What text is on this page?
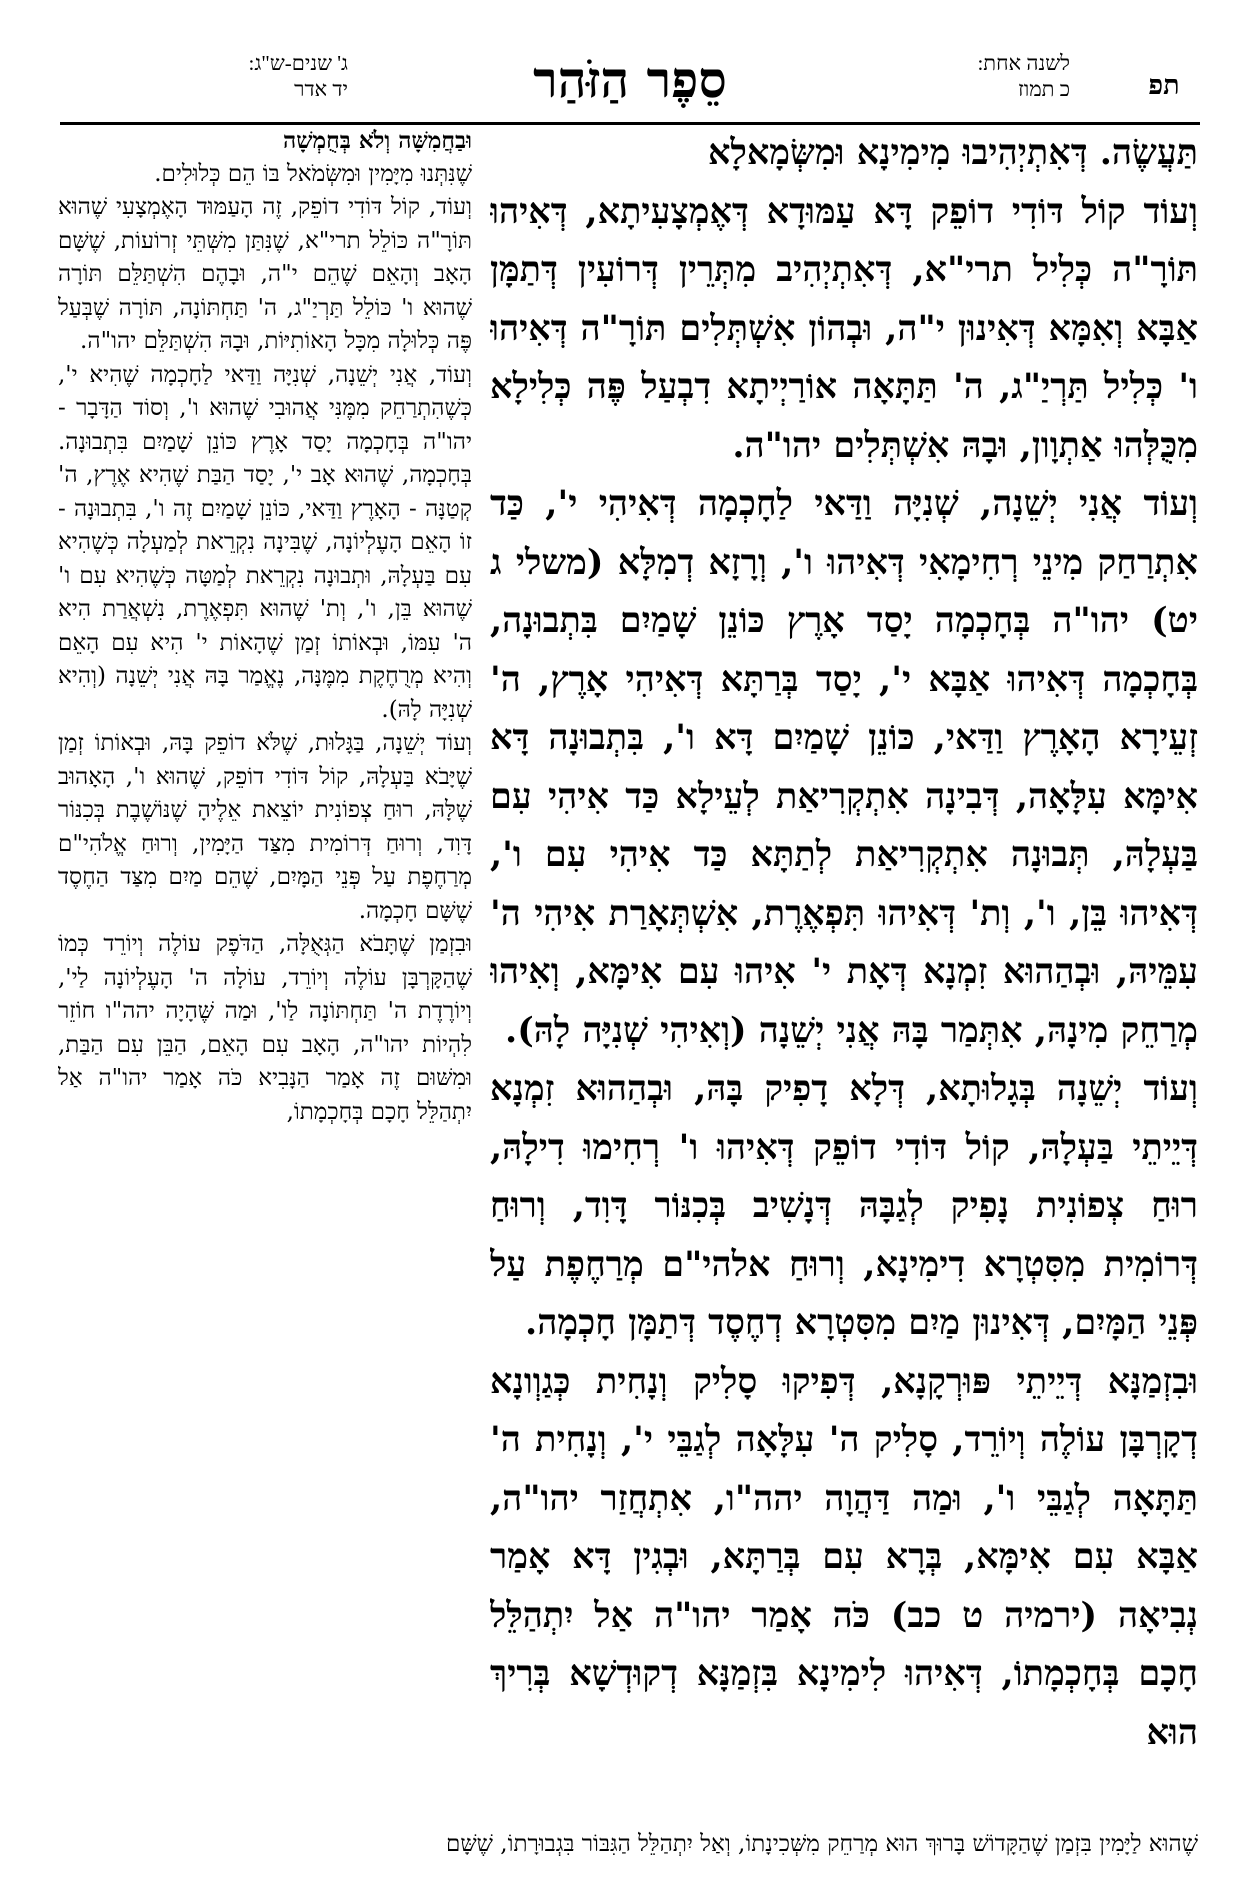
תפ
לשנה אחת:
כ תמוז
סֵפֶר הַזֹּהַר
ג' שנים-ש"ג:
יד אדר

תַּעֲשֶׂה. דְּאִתְיְהִיבוּ מִימִינָא וּמִשְּׂמָאלָא

וְעוֹד קוֹל דּוֹדִי דוֹפֵק דָּא עַמּוּדָא דְּאֶמְצָעִיתָא, דְּאִיהוּ תּוֹרָ"ה כְּלִיל תרי"א, דְּאִתְיְהִיב מִתְּרֵין דְּרוֹעִין דְּתַמָּן אַבָּא וְאִמָּא דְּאִינוּן י"ה, וּבְהוֹן אִשְׁתְּלִים תּוֹרָ"ה דְּאִיהוּ ו' כְּלִיל תַּרְיַ"ג, ה' תַּתָּאָה אוֹרַיְיתָא דִבְעַל פֶּה כְּלִילָא מִכֻּלְּהוּ אַתְוָון, וּבָהּ אִשְׁתְּלִים יהו"ה.

וְעוֹד אֲנִי יְשֵׁנָה, שְׁנִיָּה וַדַּאי לַחָכְמָה דְּאִיהִי י', כַּד אִתְרַחַק מִינֵי רְחִימָאִי דְּאִיהוּ ו', וְרָזָא דְמִלָּא (משלי ג יט) יהו"ה בְּחָכְמָה יָסַד אָרֶץ כּוֹנֵן שָׁמַיִם בִּתְבוּנָה, בְּחָכְמָה דְּאִיהוּ אַבָּא י', יָסַד בְּרַתָּא דְּאִיהִי אָרֶץ, ה' זְעֵירָא הָאָרֶץ וַדַּאי, כּוֹנֵן שָׁמַיִם דָּא ו', בִּתְבוּנָה דָּא אִימָּא עִלָּאָה, דְּבִינָה אִתְקְרִיאַת לְעֵילָא כַּד אִיהִי עִם בַּעְלָהּ, תְּבוּנָה אִתְקְרִיאַת לְתַתָּא כַּד אִיהִי עִם ו', דְּאִיהוּ בֵּן, ו', וְת' דְּאִיהוּ תִּפְאֶרֶת, אִשְׁתְּאָרַת אִיהִי ה' עִמֵּיהּ, וּבְהַהוּא זִמְנָא דְּאָת י' אִיהוּ עִם אִימָּא, וְאִיהוּ מְרַחֵק מִינָהּ, אִתְּמַר בָּהּ אֲנִי יְשֵׁנָה (וְאִיהִי שְׁנִיָּה לָהּ).

וְעוֹד יְשֵׁנָה בְּגָלוּתָא, דְּלָא דָפִיק בָּהּ, וּבְהַהוּא זִמְנָא דְּיֵיתֵי בַּעְלָהּ, קוֹל דּוֹדִי דוֹפֵק דְּאִיהוּ ו' רְחִימוּ דִילָהּ, רוּחַ צְפוֹנִית נָפִיק לְגַבָּהּ דְּנָשִׁיב בְּכִנּוֹר דָּוִד, וְרוּחַ דְּרוֹמִית מִסִּטְרָא דִימִינָא, וְרוּחַ אלהי"ם מְרַחֶפֶת עַל פְּנֵי הַמָּיִם, דְּאִינוּן מַיִם מִסִּטְרָא דְחֶסֶד דְּתַמָּן חָכְמָה.

וּבִזְמַנָּא דְּיֵיתֵי פּוּרְקָנָא, דְּפִיקוּ סָלִיק וְנָחִית כְּגַוְונָא דְקָרְבָּן עוֹלֶה וְיוֹרֵד, סָלִיק ה' עִלָּאָה לְגַבֵּי י', וְנָחִית ה' תַּתָּאָה לְגַבֵּי ו', וּמַה דַּהֲוָה יהה"ו, אִתְחֲזַר יהו"ה, אַבָּא עִם אִימָּא, בְּרָא עִם בְּרַתָּא, וּבְגִין דָּא אָמַר נְבִיאָה (ירמיה ט כב) כֹּה אָמַר יהו"ה אַל יִתְהַלֵּל חָכָם בְּחָכְמָתוֹ, דְּאִיהוּ לִימִינָא בִּזְמַנָּא דְקוּדְשָׁא בְּרִיךְ הוּא

וּבַחֲמִשָּׁה וְלֹא בְּחֻמְשָׁה

שֶׁנִּתְּנוּ מִיָּמִין וּמִשְּׂמֹאל בּוֹ הֵם כְּלוּלִים.

וְעוֹד, קוֹל דּוֹדִי דוֹפֵק, זֶה הָעַמּוּד הָאֶמְצָעִי שֶׁהוּא תּוֹרָ"ה כּוֹלֵל תרי"א, שֶׁנִּתַּן מִשְּׁתֵּי זְרוֹעוֹת, שֶׁשָּׁם הָאָב וְהָאֵם שֶׁהֵם י"ה, וּבָהֶם הִשְׁתַּלֵּם תּוֹרָה שֶׁהוּא ו' כּוֹלֵל תַּרְיַ"ג, ה' תַּחְתּוֹנָה, תּוֹרָה שֶׁבְּעַל פֶּה כְּלוּלָה מִכָּל הָאוֹתִיּוֹת, וּבָהּ הִשְׁתַּלֵּם יהו"ה.

וְעוֹד, אֲנִי יְשֵׁנָה, שְׁנִיָּה וַדַּאי לַחָכְמָה שֶׁהִיא י', כְּשֶׁהִתְרַחֵק מִמֶּנִּי אֲהוּבִי שֶׁהוּא ו', וְסוֹד הַדָּבָר - יהו"ה בְּחָכְמָה יָסַד אָרֶץ כּוֹנֵן שָׁמַיִם בִּתְבוּנָה. בְּחָכְמָה, שֶׁהוּא אָב י', יָסַד הַבַּת שֶׁהִיא אֶרֶץ, ה' קְטַנָּה - הָאָרֶץ וַדַּאי, כּוֹנֵן שָׁמַיִם זֶה ו', בִּתְבוּנָה - זוֹ הָאֵם הָעֶלְיוֹנָה, שֶׁבִּינָה נִקְרֵאת לְמַעְלָה כְּשֶׁהִיא עִם בַּעְלָהּ, וּתְבוּנָה נִקְרֵאת לְמַטָּה כְּשֶׁהִיא עִם ו' שֶׁהוּא בֵּן, ו', וְת' שֶׁהוּא תִּפְאֶרֶת, נִשְׁאֲרַת הִיא ה' עִמּוֹ, וּבְאוֹתוֹ זְמַן שֶׁהָאוֹת י' הִיא עִם הָאֵם וְהִיא מְרֻחֶקֶת מִמֶּנָּה, נֶאֱמַר בָּהּ אֲנִי יְשֵׁנָה (וְהִיא שְׁנִיָּה לָהּ).

וְעוֹד יְשֵׁנָה, בַּגָּלוּת, שֶׁלֹּא דוֹפֵק בָּהּ, וּבְאוֹתוֹ זְמַן שֶׁיָּבֹא בַּעְלָהּ, קוֹל דּוֹדִי דוֹפֵק, שֶׁהוּא ו', הָאָהוּב שֶׁלָּהּ, רוּחַ צְפוֹנִית יוֹצֵאת אֵלֶיהָ שֶׁנּוֹשֶׁבֶת בְּכִנּוֹר דָּוִד, וְרוּחַ דְּרוֹמִית מִצַּד הַיָּמִין, וְרוּחַ אֱלֹהִי"ם מְרַחֶפֶת עַל פְּנֵי הַמָּיִם, שֶׁהֵם מַיִם מִצַּד הַחֶסֶד שֶׁשָּׁם חָכְמָה.

וּבִזְמַן שֶׁתָּבֹא הַגְּאֻלָּה, הַדֹּפֶק עוֹלֶה וְיוֹרֵד כְּמוֹ שֶׁהַקָּרְבָּן עוֹלֶה וְיוֹרֵד, עוֹלָה ה' הָעֶלְיוֹנָה לַי', וְיוֹרֶדֶת ה' תַּחְתּוֹנָה לַו', וּמַה שֶּׁהָיָה יהה"ו חוֹזֵר לִהְיוֹת יהו"ה, הָאָב עִם הָאֵם, הַבֵּן עִם הַבַּת, וּמִשּׁוּם זֶה אָמַר הַנָּבִיא כֹּה אָמַר יהו"ה אַל יִתְהַלֵּל חָכָם בְּחָכְמָתוֹ,

שֶׁהוּא לַיָּמִין בִּזְמַן שֶׁהַקָּדוֹשׁ בָּרוּךְ הוּא מְרַחֵק מִשְּׁכִינָתוֹ, וְאַל יִתְהַלֵּל הַגִּבּוֹר בִּגְבוּרָתוֹ, שֶׁשָּׁם
